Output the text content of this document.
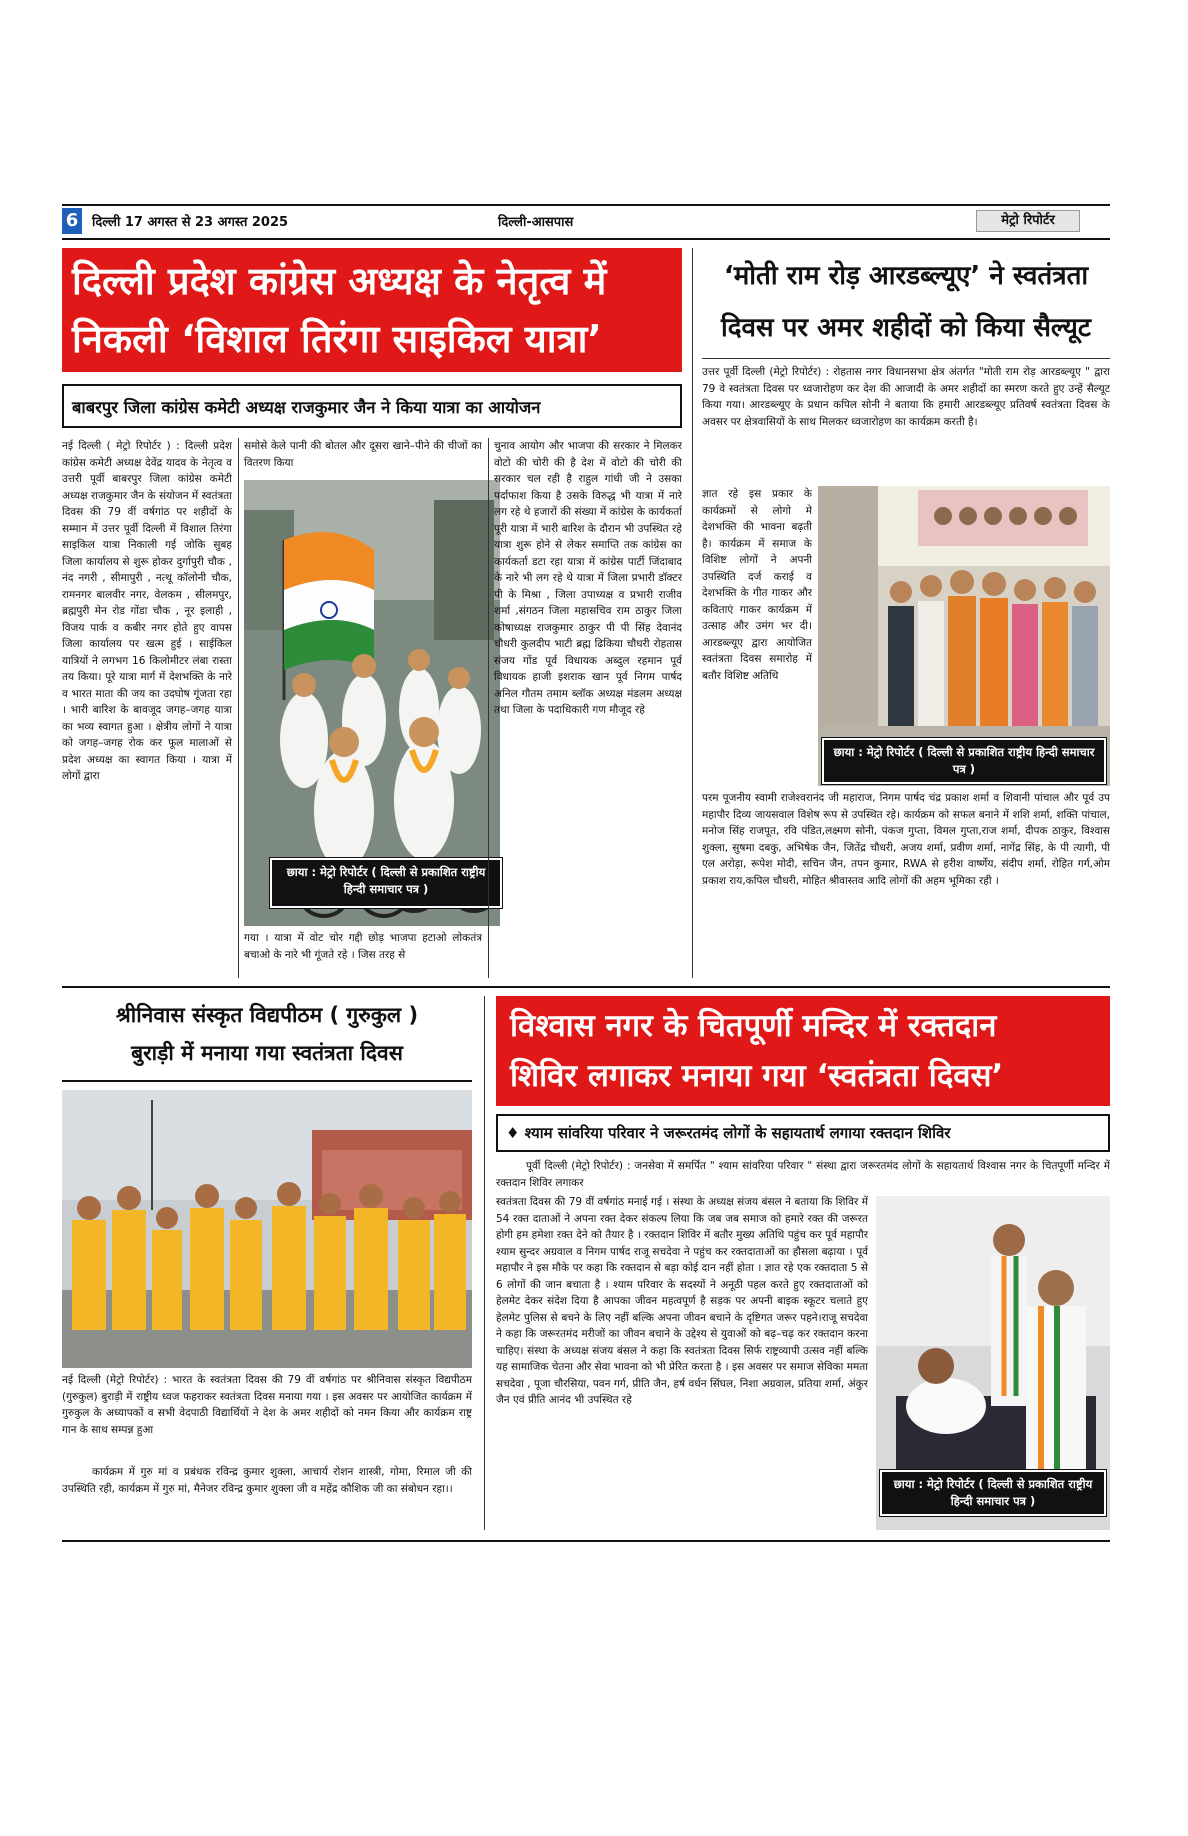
6 दिल्ली 17 अगस्त से 23 अगस्त 2025	दिल्ली-आसपास	मेट्रो रिपोर्टर
दिल्ली प्रदेश कांग्रेस अध्यक्ष के नेतृत्व में
निकली ‘विशाल तिरंगा साइकिल यात्रा’
बाबरपुर जिला कांग्रेस कमेटी अध्यक्ष राजकुमार जैन ने किया यात्रा का आयोजन
नई दिल्ली ( मेट्रो रिपोर्टर ) : दिल्ली प्रदेश कांग्रेस कमेटी अध्यक्ष देवेंद्र यादव के नेतृत्व व उत्तरी पूर्वी बाबरपुर जिला कांग्रेस कमेटी अध्यक्ष राजकुमार जैन के संयोजन में स्वतंत्रता दिवस की 79 वीं वर्षगांठ पर शहीदों के सम्मान में उत्तर पूर्वी दिल्ली में विशाल तिरंगा साइकिल यात्रा निकाली गई जोकि सुबह जिला कार्यालय से शुरू होकर दुर्गापुरी चौक , नंद नगरी , सीमापुरी , नत्थू कॉलोनी चौक, रामनगर बालवीर नगर, वेलकम , सीलमपुर, ब्रह्मपुरी मेन रोड गोंडा चौक , नूर इलाही , विजय पार्क व कबीर नगर होते हुए वापस जिला कार्यालय पर खत्म हुई । साईकिल यात्रियों ने लगभग 16 किलोमीटर लंबा रास्ता तय किया। पूरे यात्रा मार्ग में देशभक्ति के नारे व भारत माता की जय का उदघोष गूंजता रहा । भारी बारिश के बावजूद जगह–जगह यात्रा का भव्य स्वागत हुआ । क्षेत्रीय लोगों ने यात्रा को जगह–जगह रोक कर फूल मालाओं से प्रदेश अध्यक्ष का स्वागत किया । यात्रा में लोगों द्वारा
समोसे केले पानी की बोतल और दूसरा खाने–पीने की चीजों का वितरण किया
छाया : मेट्रो रिपोर्टर ( दिल्ली से प्रकाशित राष्ट्रीय हिन्दी समाचार पत्र )
गया । यात्रा में वोट चोर गद्दी छोड़ भाजपा हटाओ लोकतंत्र बचाओ के नारे भी गूंजते रहे । जिस तरह से
चुनाव आयोग और भाजपा की सरकार ने मिलकर वोटो की चोरी की है देश में वोटो की चोरी की सरकार चल रही है राहुल गांधी जी ने उसका पर्दाफाश किया है उसके विरुद्ध भी यात्रा में नारे लग रहे थे हजारों की संख्या में कांग्रेस के कार्यकर्ता पूरी यात्रा में भारी बारिश के दौरान भी उपस्थित रहे यात्रा शुरू होने से लेकर समाप्ति तक कांग्रेस का कार्यकर्ता डटा रहा यात्रा में कांग्रेस पार्टी जिंदाबाद के नारे भी लग रहे थे यात्रा में जिला प्रभारी डॉक्टर पी के मिश्रा , जिला उपाध्यक्ष व प्रभारी राजीव शर्मा ,संगठन जिला महासचिव राम ठाकुर जिला कोषाध्यक्ष राजकुमार ठाकुर पी पी सिंह देवानंद चौधरी कुलदीप भाटी ब्रह्म ढिकिया चौधरी रोहतास संजय गोंड पूर्व विधायक अब्दुल रहमान पूर्व विधायक हाजी इशराक खान पूर्व निगम पार्षद अनिल गौतम तमाम ब्लॉक अध्यक्ष मंडलम अध्यक्ष तथा जिला के पदाधिकारी गण मौजूद रहे
‘मोती राम रोड़ आरडब्ल्यूए’ ने स्वतंत्रता
दिवस पर अमर शहीदों को किया सैल्यूट
उत्तर पूर्वी दिल्ली (मेट्रो रिपोर्टर) : रोहतास नगर विधानसभा क्षेत्र अंतर्गत "मोती राम रोड़ आरडब्ल्यूए " द्वारा 79 वे स्वतंत्रता दिवस पर ध्वजारोहण कर देश की आजादी के अमर शहीदों का स्मरण करते हुए उन्हें सैल्यूट किया गया। आरडब्ल्यूए के प्रधान कपिल सोनी ने बताया कि हमारी आरडब्ल्यूए प्रतिवर्ष स्वतंत्रता दिवस के अवसर पर क्षेत्रवासियों के साथ मिलकर ध्वजारोहण का कार्यक्रम करती है।
ज्ञात रहे इस प्रकार के कार्यक्रमों से लोगो मे देशभक्ति की भावना बढ़ती है। कार्यक्रम में समाज के विशिष्ट लोगों ने अपनी उपस्थिति दर्ज कराई व देशभक्ति के गीत गाकर और कविताएं गाकर कार्यक्रम में उत्साह और उमंग भर दी। आरडब्ल्यूए द्वारा आयोजित स्वतंत्रता दिवस समारोह में बतौर विशिष्ट अतिथि
छाया : मेट्रो रिपोर्टर ( दिल्ली से प्रकाशित राष्ट्रीय हिन्दी समाचार पत्र )
परम पूजनीय स्वामी राजेश्वरानंद जी महाराज, निगम पार्षद चंद्र प्रकाश शर्मा व शिवानी पांचाल और पूर्व उप महापौर दिव्य जायसवाल विशेष रूप से उपस्थित रहे। कार्यक्रम को सफल बनाने में शशि शर्मा, शक्ति पांचाल, मनोज सिंह राजपूत, रवि पंडित,लक्ष्मण सोनी, पंकज गुप्ता, विमल गुप्ता,राज शर्मा, दीपक ठाकुर, विश्वास शुक्ला, सुषमा दबकु, अभिषेक जैन, जितेंद्र चौधरी, अजय शर्मा, प्रवीण शर्मा, नागेंद्र सिंह, के पी त्यागी, पी एल अरोड़ा, रूपेश मोदी, सचिन जैन, तपन कुमार, RWA से हरीश वार्ष्णेय, संदीप शर्मा, रोहित गर्ग,ओम प्रकाश राय,कपिल चौधरी, मोहित श्रीवास्तव आदि लोगों की अहम भूमिका रही ।
श्रीनिवास संस्कृत विद्यपीठम ( गुरुकुल )
बुराड़ी में मनाया गया स्वतंत्रता दिवस
नई दिल्ली (मेट्रो रिपोर्टर) : भारत के स्वतंत्रता दिवस की 79 वीं वर्षगांठ पर श्रीनिवास संस्कृत विद्यपीठम (गुरुकुल) बुराड़ी में राष्ट्रीय ध्वज फहराकर स्वतंत्रता दिवस मनाया गया । इस अवसर पर आयोजित कार्यक्रम में गुरुकुल के अध्यापकों व सभी वेदपाठी विद्यार्थियों ने देश के अमर शहीदों को नमन किया और कार्यक्रम राष्ट्र गान के साथ सम्पन्न हुआ
कार्यक्रम में गुरु मां व प्रबंधक रविन्द्र कुमार शुक्ला, आचार्य रोशन शास्त्री, गोमा, रिमाल जी की उपस्थिति रही, कार्यक्रम में गुरु मां, मैनेजर रविन्द्र कुमार शुक्ला जी व महेंद्र कौशिक जी का संबोधन रहा।।
विश्वास नगर के चितपूर्णी मन्दिर में रक्तदान
शिविर लगाकर मनाया गया ‘स्वतंत्रता दिवस’
♦ श्याम सांवरिया परिवार ने जरूरतमंद लोगों के सहायतार्थ लगाया रक्तदान शिविर
पूर्वी दिल्ली (मेट्रो रिपोर्टर) : जनसेवा में समर्पित " श्याम सांवरिया परिवार " संस्था द्वारा जरूरतमंद लोगों के सहायतार्थ विश्वास नगर के चितपूर्णी मन्दिर में रक्तदान शिविर लगाकर
स्वतंत्रता दिवस की 79 वीं वर्षगांठ मनाई गई । संस्था के अध्यक्ष संजय बंसल ने बताया कि शिविर में 54 रक्त दाताओं ने अपना रक्त देकर संकल्प लिया कि जब जब समाज को हमारे रक्त की जरूरत होगी हम हमेशा रक्त देने को तैयार है । रक्तदान शिविर में बतौर मुख्य अतिथि पहुंच कर पूर्व महापौर श्याम सुन्दर अग्रवाल व निगम पार्षद राजू सचदेवा ने पहुंच कर रक्तदाताओं का हौसला बढ़ाया । पूर्व महापौर ने इस मौके पर कहा कि रक्तदान से बड़ा कोई दान नहीं होता । ज्ञात रहे एक रक्तदाता 5 से 6 लोगों की जान बचाता है । श्याम परिवार के सदस्यों ने अनूठी पहल करते हुए रक्तदाताओं को हेलमेट देकर संदेश दिया है आपका जीवन महत्वपूर्ण है सड़क पर अपनी बाइक स्कूटर चलाते हुए हेलमेट पुलिस से बचने के लिए नहीं बल्कि अपना जीवन बचाने के दृष्टिगत जरूर पहने।राजू सचदेवा ने कहा कि जरूरतमंद मरीजों का जीवन बचाने के उद्देश्य से युवाओं को बढ़–चढ़ कर रक्तदान करना चाहिए। संस्था के अध्यक्ष संजय बंसल ने कहा कि स्वतंत्रता दिवस सिर्फ राष्ट्रव्यापी उत्सव नहीं बल्कि यह सामाजिक चेतना और सेवा भावना को भी प्रेरित करता है । इस अवसर पर समाज सेविका ममता सचदेवा , पूजा चौरसिया, पवन गर्ग, प्रीति जैन, हर्ष वर्धन सिंघल, निशा अग्रवाल, प्रतिया शर्मा, अंकुर जैन एवं प्रीति आनंद भी उपस्थित रहे
छाया : मेट्रो रिपोर्टर ( दिल्ली से प्रकाशित राष्ट्रीय हिन्दी समाचार पत्र )
